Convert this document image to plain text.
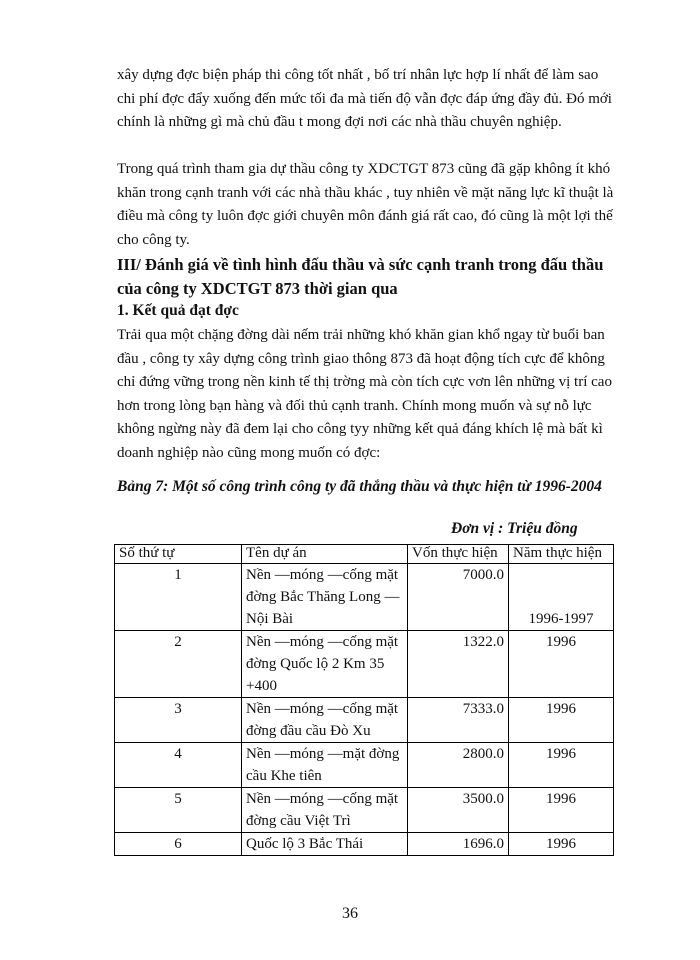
xây dựng đợc biện pháp thi công tốt nhất , bố trí nhân lực hợp lí nhất để làm sao chi phí đợc đẩy xuống đến mức tối đa mà tiến độ vẫn đợc đáp ứng đầy đủ. Đó mới chính là những gì mà chủ đầu t mong đợi nơi các nhà thầu chuyên nghiệp.

Trong quá trình tham gia dự thầu công ty XDCTGT 873 cũng đã gặp không ít khó khăn trong cạnh tranh với các nhà thầu khác , tuy nhiên về mặt năng lực kĩ thuật là điều mà công ty luôn đợc giới chuyên môn đánh giá rất cao, đó cũng là một lợi thế cho công ty.

III/ Đánh giá về tình hình đấu thầu và sức cạnh tranh trong đấu thầu của công ty XDCTGT 873 thời gian qua

1. Kết quả đạt đợc

Trải qua một chặng đờng dài nếm trải những khó khăn gian khổ ngay từ buổi ban đầu , công ty xây dựng công trình giao thông 873 đã hoạt động tích cực để không chỉ đứng vững trong nền kinh tế thị trờng mà còn tích cực vơn lên những vị trí cao hơn trong lòng bạn hàng và đối thủ cạnh tranh. Chính mong muốn và sự nỗ lực không ngừng này đã đem lại cho công tyy những kết quả đáng khích lệ mà bất kì doanh nghiệp nào cũng mong muốn có đợc:

Bảng 7: Một số công trình công ty đã thắng thầu và thực hiện từ 1996-2004

Đơn vị : Triệu đồng

Số thứ tự	Tên dự án	Vốn thực hiện	Năm thực hiện
1	Nền —móng —cống mặt đờng Bắc Thăng Long — Nội Bài	7000.0	1996-1997
2	Nền —móng —cống mặt đờng Quốc lộ 2 Km 35 +400	1322.0	1996
3	Nền —móng —cống mặt đờng đầu cầu Đò Xu	7333.0	1996
4	Nền —móng —mặt đờng cầu Khe tiên	2800.0	1996
5	Nền —móng —cống mặt đờng cầu Việt Trì	3500.0	1996
6	Quốc lộ 3 Bắc Thái	1696.0	1996

36
